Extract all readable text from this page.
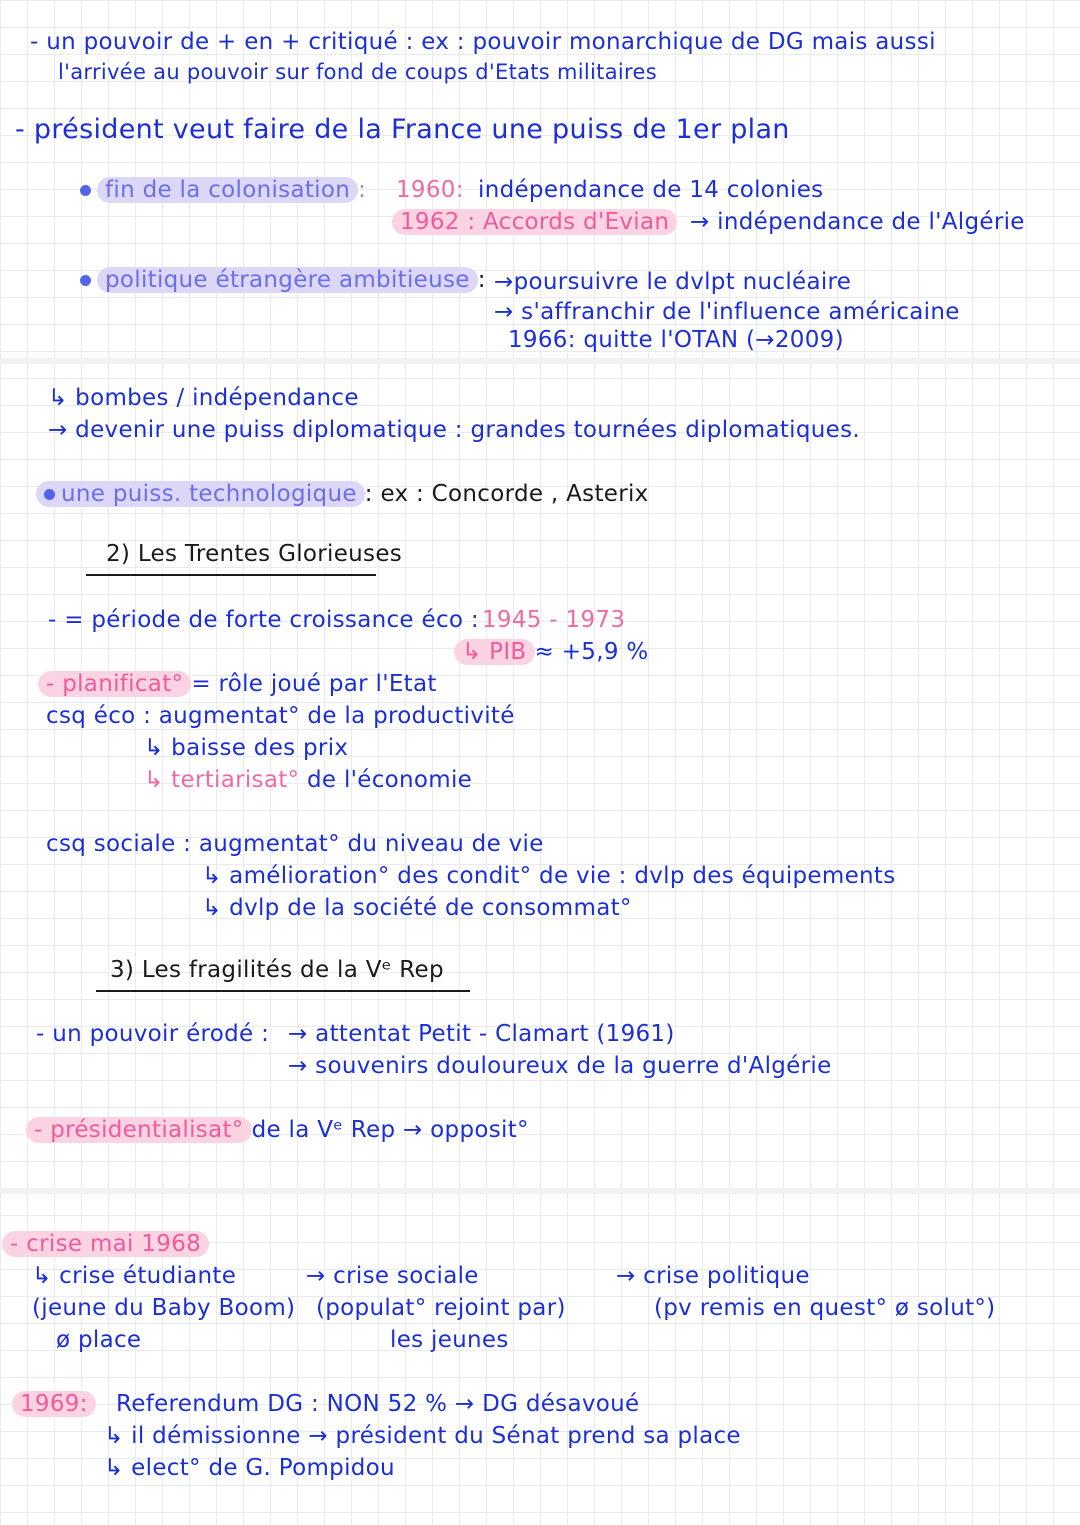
- un pouvoir de + en + critiqué : ex : pouvoir monarchique de DG mais aussi
l'arrivée au pouvoir sur fond de coups d'Etats militaires
- président veut faire de la France une puiss de 1er plan
fin de la colonisation : 1960: indépendance de 14 colonies
1962 : Accords d'Evian → indépendance de l'Algérie
politique étrangère ambitieuse : →poursuivre le dvlpt nucléaire
→ s'affranchir de l'influence américaine
1966: quitte l'OTAN (→2009)
↳ bombes / indépendance
→ devenir une puiss diplomatique : grandes tournées diplomatiques.
une puiss. technologique : ex : Concorde , Asterix
2) Les Trentes Glorieuses
- = période de forte croissance éco : 1945 - 1973
↳ PIB ≈ +5,9 %
- planificat° = rôle joué par l'Etat
csq éco : augmentat° de la productivité
↳ baisse des prix
↳ tertiarisat° de l'économie
csq sociale : augmentat° du niveau de vie
↳ amélioration° des condit° de vie : dvlp des équipements
↳ dvlp de la société de consommat°
3) Les fragilités de la Vᵉ Rep
- un pouvoir érodé : → attentat Petit - Clamart (1961)
→ souvenirs douloureux de la guerre d'Algérie
- présidentialisat° de la Vᵉ Rep → opposit°
- crise mai 1968
↳ crise étudiante
(jeune du Baby Boom)
ø place
→ crise sociale
(populat° rejoint par)
les jeunes
→ crise politique
(pv remis en quest° ø solut°)
1969:	Referendum DG : NON 52 % → DG désavoué
↳ il démissionne → président du Sénat prend sa place
↳ elect° de G. Pompidou
